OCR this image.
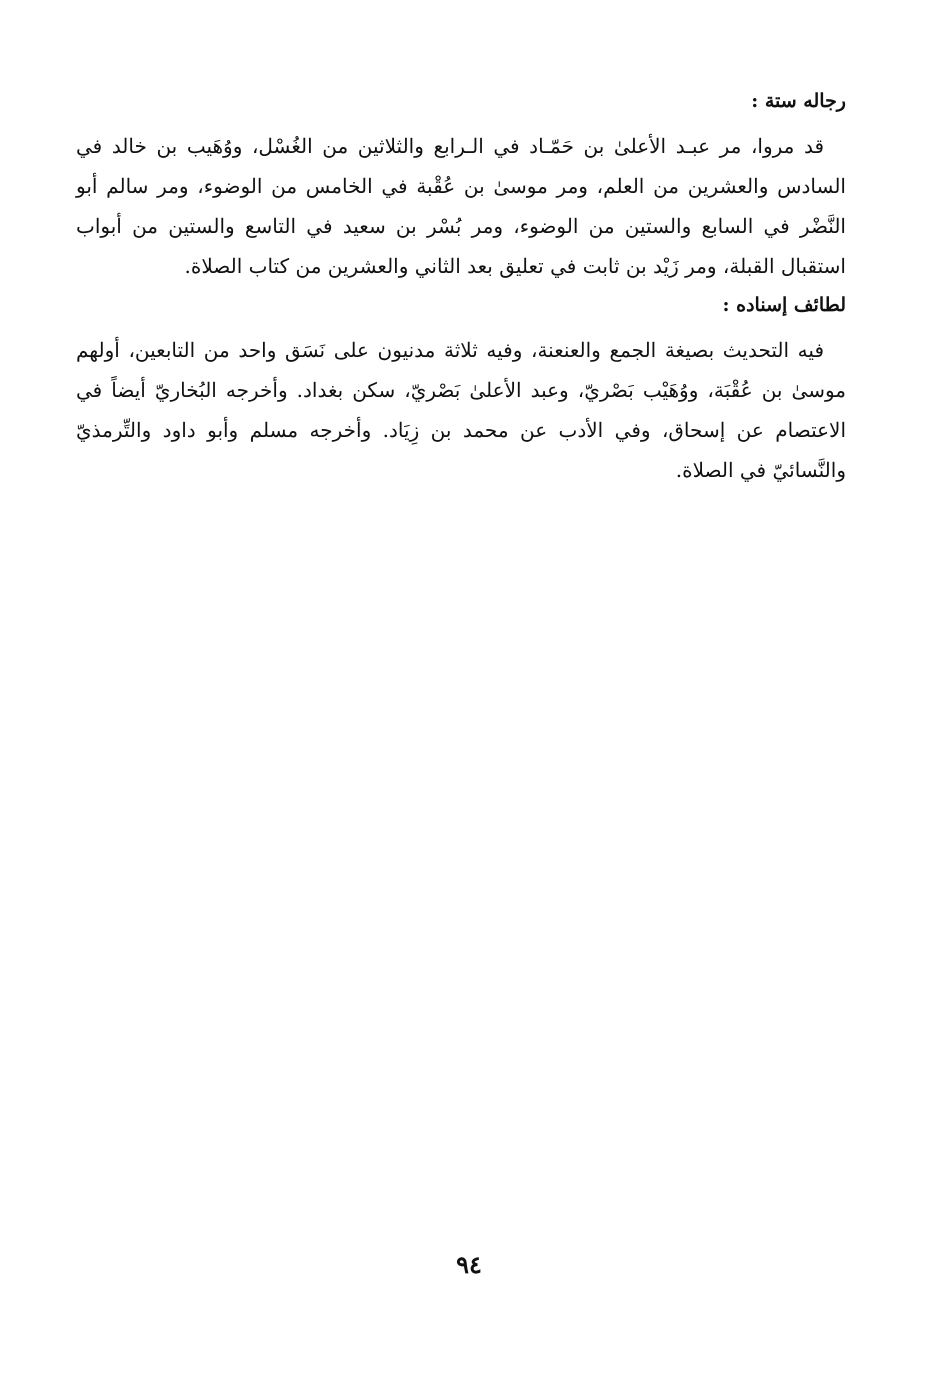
رجاله ستة :
قد مروا، مر عبـد الأعلىٰ بن حَمّـاد في الـرابع والثلاثين من الغُسْل، ووُهَيب بن خالد في السادس والعشرين من العلم، ومر موسىٰ بن عُقْبة في الخامس من الوضوء، ومر سالم أبو النَّضْر في السابع والستين من الوضوء، ومر بُسْر بن سعيد في التاسع والستين من أبواب استقبال القبلة، ومر زَيْد بن ثابت في تعليق بعد الثاني والعشرين من كتاب الصلاة.
لطائف إسناده :
فيه التحديث بصيغة الجمع والعنعنة، وفيه ثلاثة مدنيون على نَسَق واحد من التابعين، أولهم موسىٰ بن عُقْبَة، ووُهَيْب بَصْريّ، وعبد الأعلىٰ بَصْريّ، سكن بغداد. وأخرجه البُخاريّ أيضاً في الاعتصام عن إسحاق، وفي الأدب عن محمد بن زِيَاد. وأخرجه مسلم وأبو داود والتِّرمذيّ والنَّسائيّ في الصلاة.
٩٤
